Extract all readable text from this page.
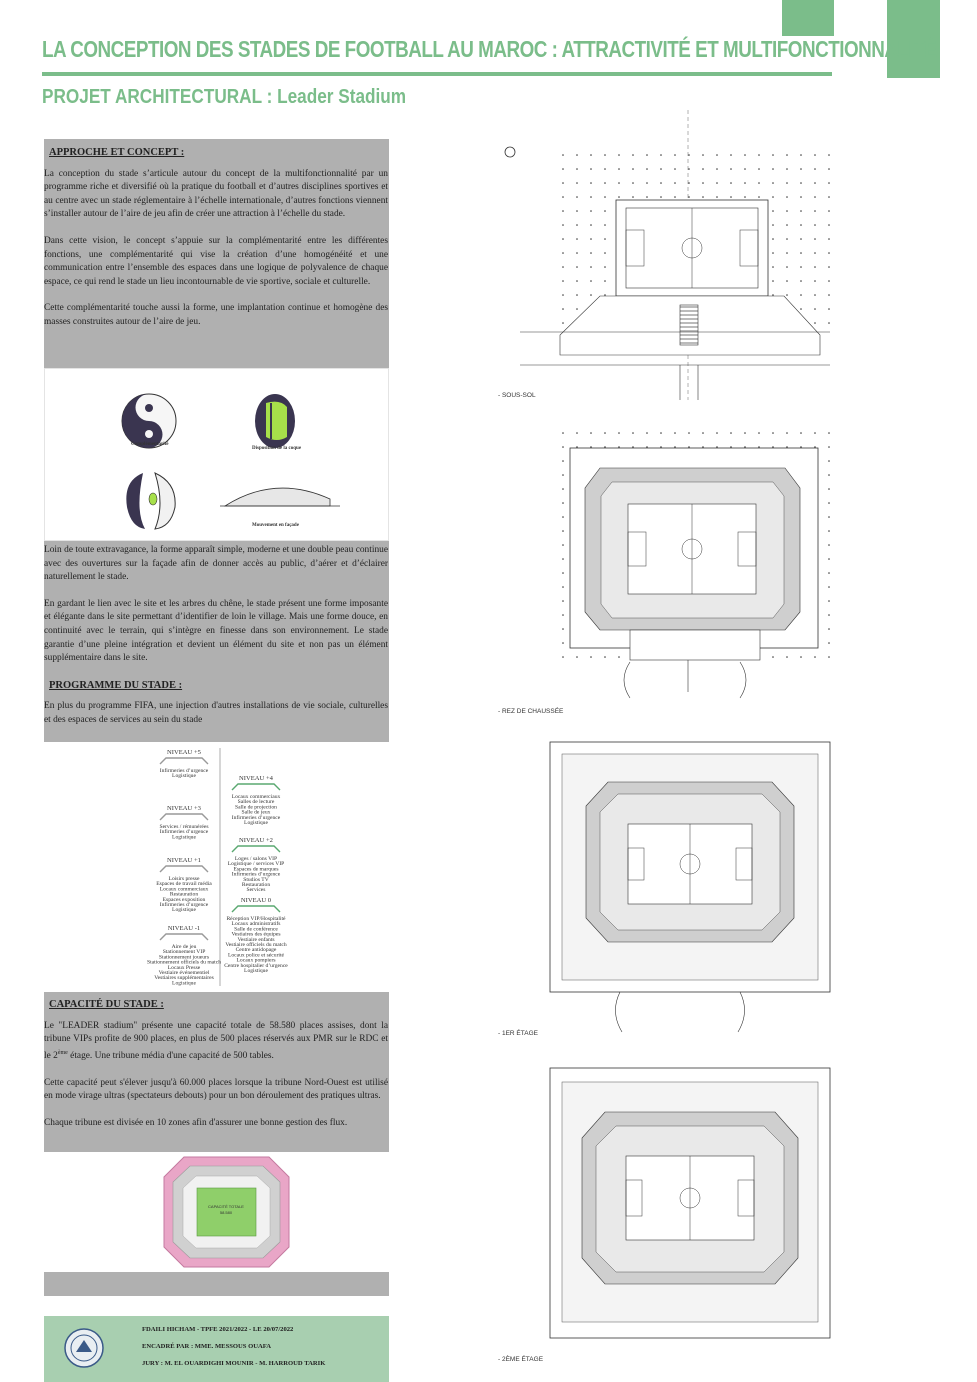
LA CONCEPTION DES STADES DE FOOTBALL AU MAROC : ATTRACTIVITÉ ET MULTIFONCTIONNALITÉ
PROJET ARCHITECTURAL : Leader Stadium
APPROCHE ET CONCEPT :
La conception du stade s’articule autour du concept de la multifonctionnalité par un programme riche et diversifié où la pratique du football et d’autres disciplines sportives et au centre avec un stade réglementaire à l’échelle internationale, d’autres fonctions viennent s’installer autour de l’aire de jeu afin de créer une attraction à l’échelle du stade.
Dans cette vision, le concept s’appuie sur la complémentarité entre les différentes fonctions, une complémentarité qui vise la création d’une homogénéité et une communication entre l’ensemble des espaces dans une logique de polyvalence de chaque espace, ce qui rend le stade un lieu incontournable de vie sportive, sociale et culturelle.
Cette complémentarité touche aussi la forme, une implantation continue et homogène des masses construites autour de l’aire de jeu.
Complémentarité
Disposition de la coque
Mouvement en façade
Loin de toute extravagance, la forme apparaît simple, moderne et une double peau continue avec des ouvertures sur la façade afin de donner accès au public, d’aérer et d’éclairer naturellement le stade.
En gardant le lien avec le site et les arbres du chêne, le stade présent une forme imposante et élégante dans le site permettant d’identifier de loin le village. Mais une forme douce, en continuité avec le terrain, qui s’intègre en finesse dans son environnement. Le stade garantie d’une pleine intégration et devient un élément du site et non pas un élément supplémentaire dans le site.
PROGRAMME DU STADE :
En plus du programme FIFA, une injection d'autres installations de vie sociale, culturelles et des espaces de services au sein du stade
NIVEAU +5
Infirmeries d’urgence
Logistique
NIVEAU +3
Services / rémunérées
Infirmeries d’urgence
Logistique
NIVEAU +1
Loisirs presse
Espaces de travail média
Locaux commerciaux
Restauration
Espaces exposition
Infirmeries d’urgence
Logistique
NIVEAU -1
Aire de jeu
Stationnement VIP
Stationnement joueurs
Stationnement officiels du match
Locaux Presse
Vestiaire événementiel
Vestiaires supplémentaires
Logistique
NIVEAU +4
Locaux commerciaux
Salles de lecture
Salle de projection
Salle de jeux
Infirmeries d’urgence
Logistique
NIVEAU +2
Loges / salons VIP
Logistique / services VIP
Espaces de marques
Infirmeries d’urgence
Studios TV
Restauration
Services
NIVEAU 0
Réception VIP/Hospitalité
Locaux administratifs
Salle de conférence
Vestiaires des équipes
Vestiaire enfants
Vestiaire officiels du match
Centre antidopage
Locaux police et sécurité
Locaux pompiers
Centre hospitalier d’urgence
Logistique
CAPACITÉ DU STADE :
Le "LEADER stadium" présente une capacité totale de 58.580 places assises, dont la tribune VIPs profite de 900 places, en plus de 500 places réservés aux PMR sur le RDC et le 2ème étage. Une tribune média d'une capacité de 500 tables.
Cette capacité peut s'élever jusqu'à 60.000 places lorsque la tribune Nord-Ouest est utilisé en mode virage ultras (spectateurs debouts) pour un bon déroulement des pratiques ultras.
Chaque tribune est divisée en 10 zones afin d'assurer une bonne gestion des flux.
CAPACITÉ TOTALE
58.580
FDAILI HICHAM - TPFE 2021/2022 - LE 20/07/2022
ENCADRÉ PAR : MME. MESSOUS OUAFA
JURY : M. EL OUARDIGHI MOUNIR - M. HARROUD TARIK
- SOUS-SOL
- REZ DE CHAUSSÉE
- 1ER ÉTAGE
- 2ÈME ÉTAGE
